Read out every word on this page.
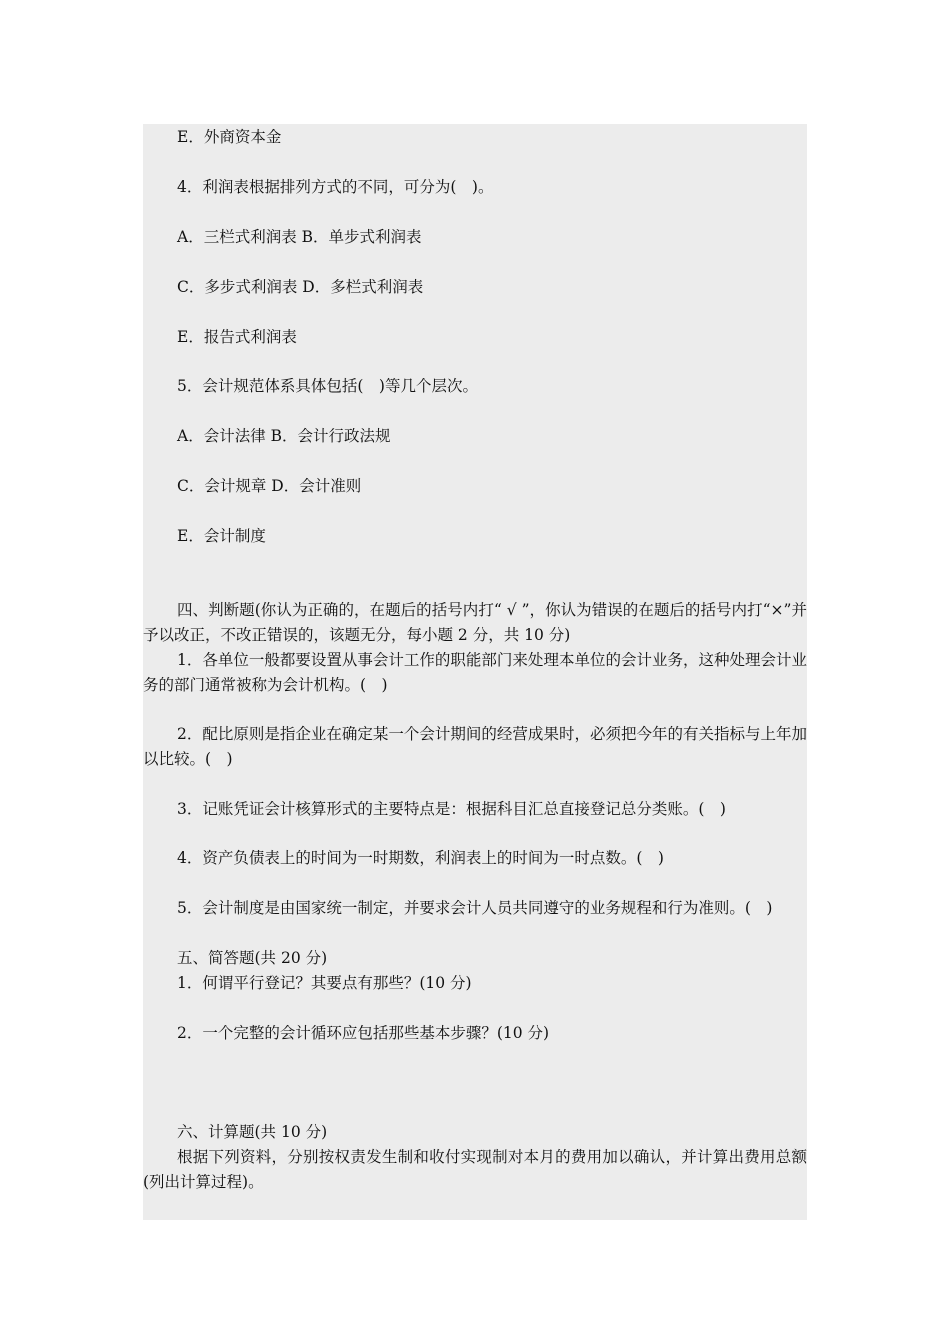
E．外商资本金

4．利润表根据排列方式的不同，可分为(　)。

A．三栏式利润表 B．单步式利润表

C．多步式利润表 D．多栏式利润表

E．报告式利润表

5．会计规范体系具体包括(　)等几个层次。

A．会计法律 B．会计行政法规

C．会计规章 D．会计准则

E．会计制度

四、判断题(你认为正确的，在题后的括号内打“ √ ”，你认为错误的在题后的括号内打“×”并予以改正，不改正错误的，该题无分，每小题 2 分，共 10 分)

1．各单位一般都要设置从事会计工作的职能部门来处理本单位的会计业务，这种处理会计业务的部门通常被称为会计机构。(　)

2．配比原则是指企业在确定某一个会计期间的经营成果时，必须把今年的有关指标与上年加以比较。(　)

3．记账凭证会计核算形式的主要特点是：根据科目汇总直接登记总分类账。(　)

4．资产负债表上的时间为一时期数，利润表上的时间为一时点数。(　)

5．会计制度是由国家统一制定，并要求会计人员共同遵守的业务规程和行为准则。(　)

五、简答题(共 20 分)

1．何谓平行登记？其要点有那些？(10 分)

2．一个完整的会计循环应包括那些基本步骤？(10 分)

六、计算题(共 10 分)

根据下列资料，分别按权责发生制和收付实现制对本月的费用加以确认，并计算出费用总额(列出计算过程)。
